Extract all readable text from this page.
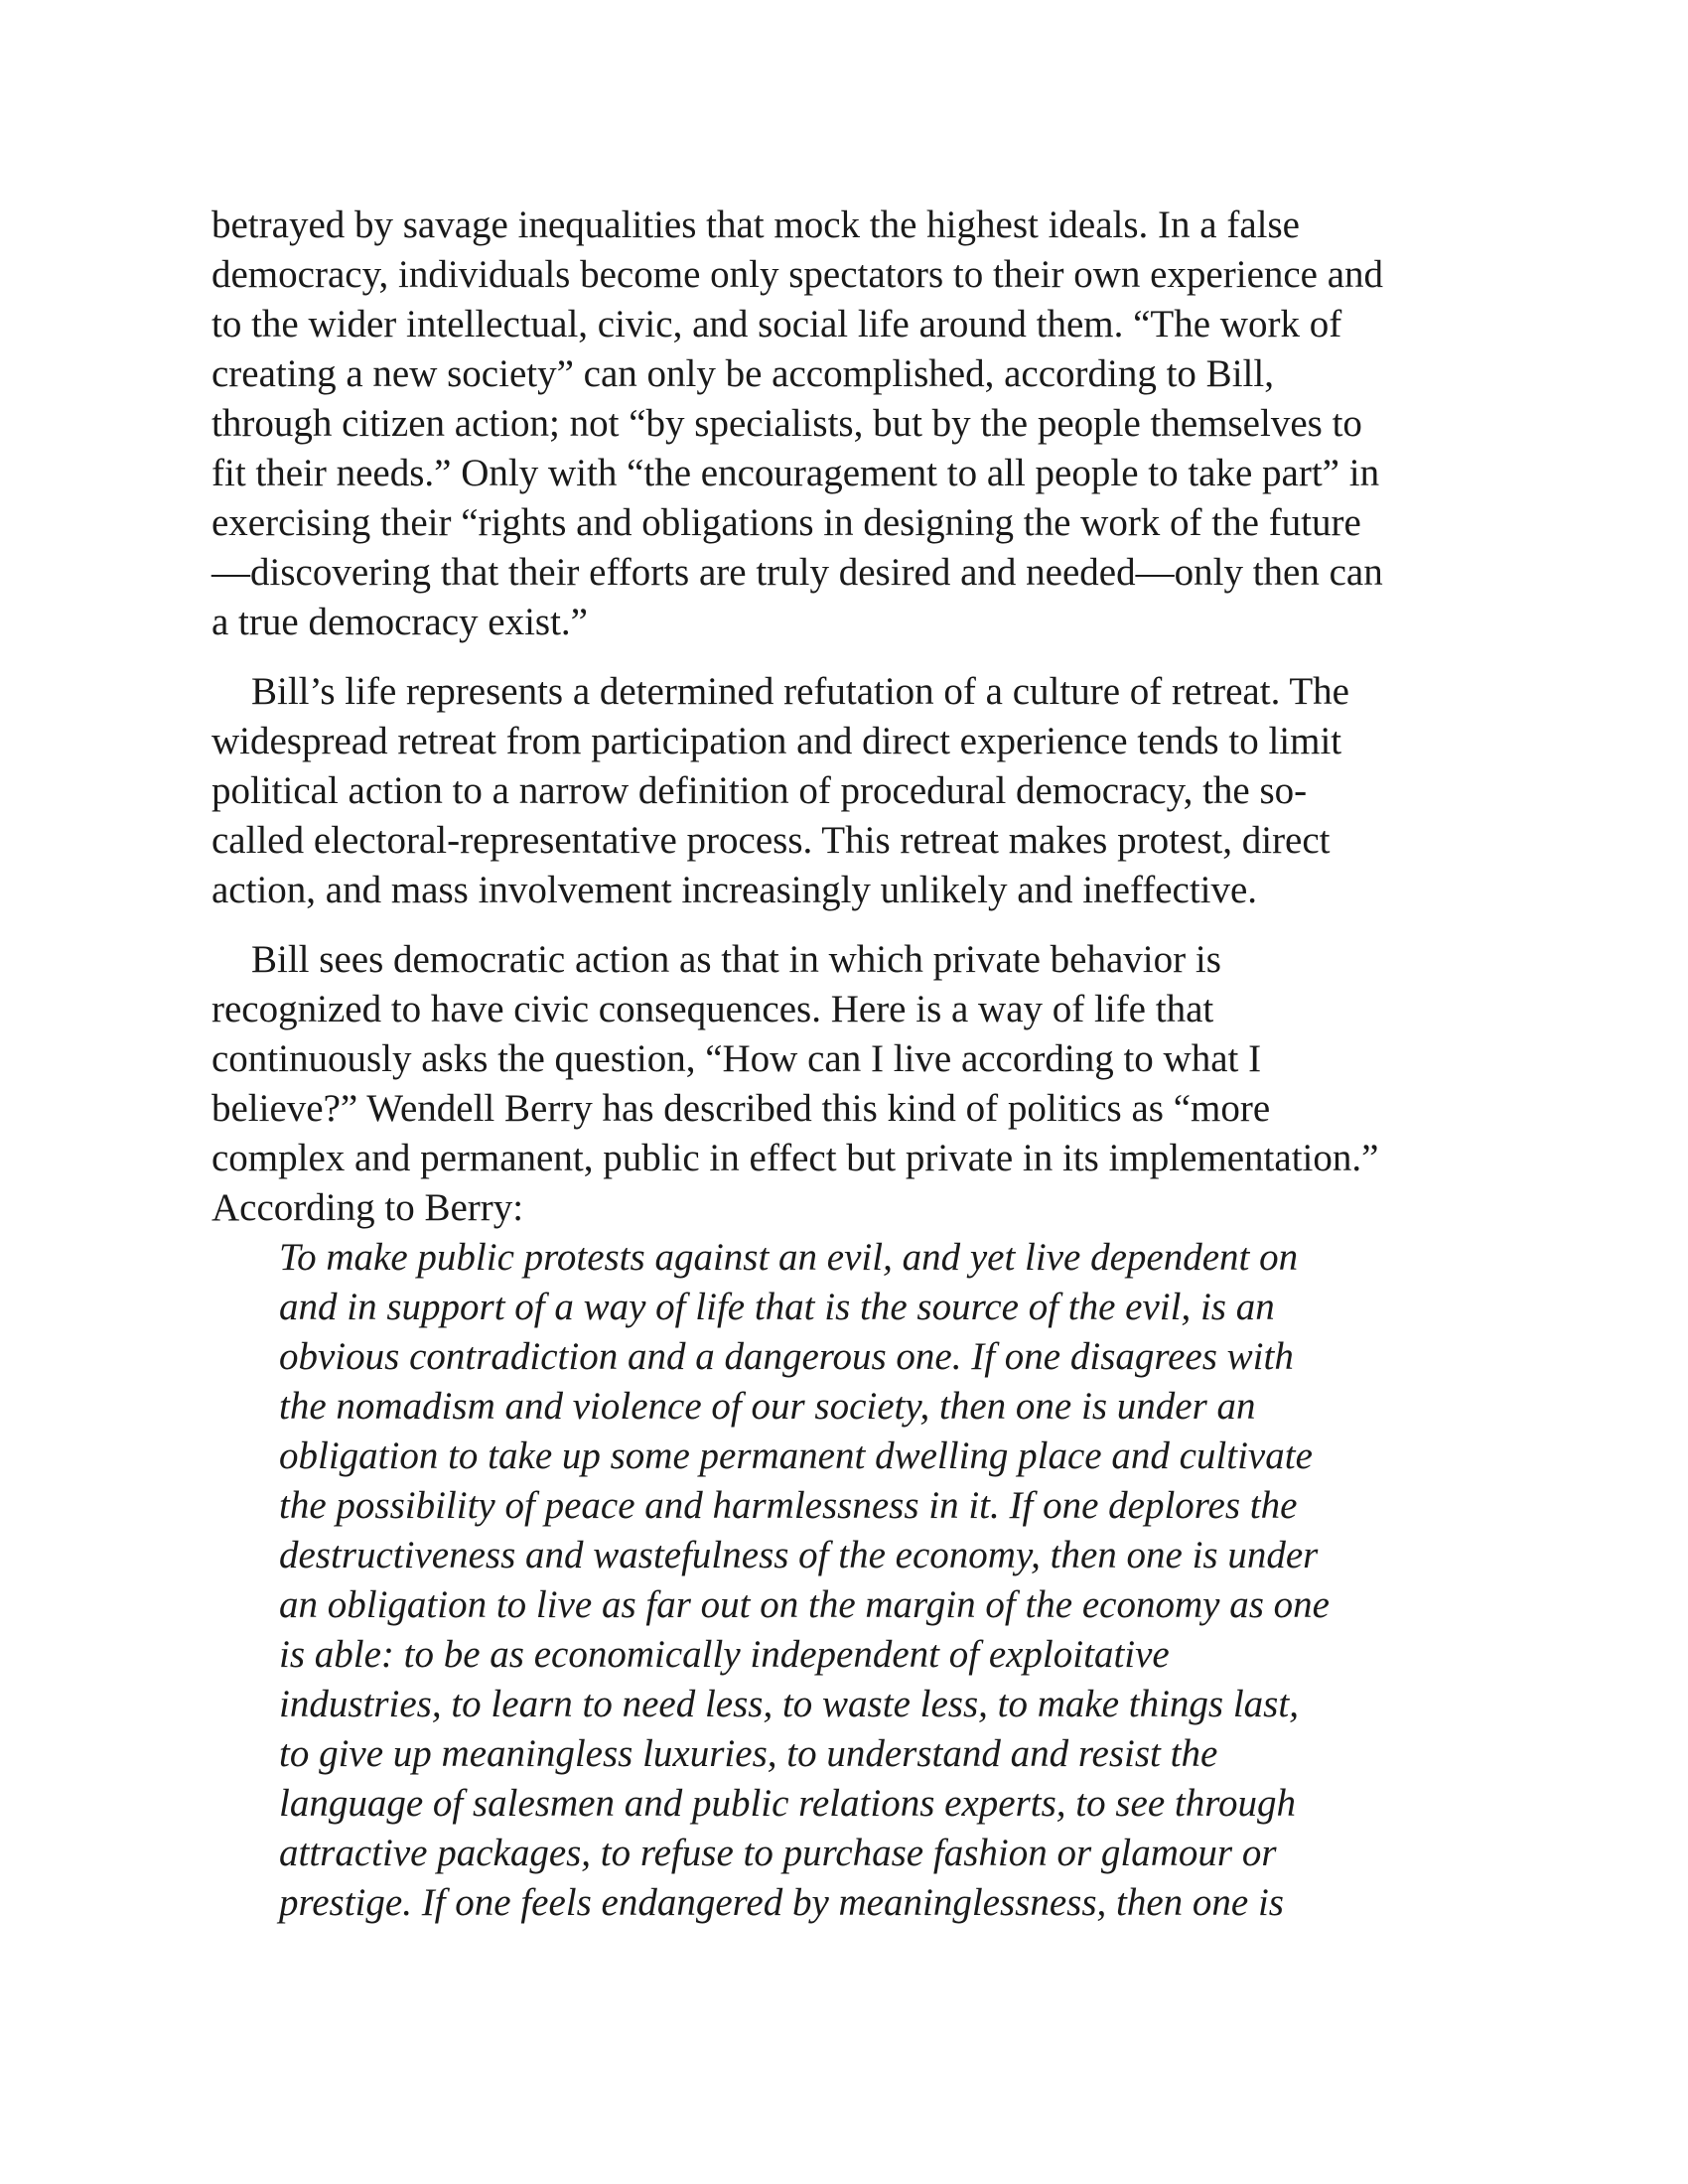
betrayed by savage inequalities that mock the highest ideals. In a false
democracy, individuals become only spectators to their own experience and
to the wider intellectual, civic, and social life around them. “The work of
creating a new society” can only be accomplished, according to Bill,
through citizen action; not “by specialists, but by the people themselves to
fit their needs.” Only with “the encouragement to all people to take part” in
exercising their “rights and obligations in designing the work of the future
—discovering that their efforts are truly desired and needed—only then can
a true democracy exist.”

Bill’s life represents a determined refutation of a culture of retreat. The
widespread retreat from participation and direct experience tends to limit
political action to a narrow definition of procedural democracy, the so-
called electoral-representative process. This retreat makes protest, direct
action, and mass involvement increasingly unlikely and ineffective.

Bill sees democratic action as that in which private behavior is
recognized to have civic consequences. Here is a way of life that
continuously asks the question, “How can I live according to what I
believe?” Wendell Berry has described this kind of politics as “more
complex and permanent, public in effect but private in its implementation.”
According to Berry:

To make public protests against an evil, and yet live dependent on
and in support of a way of life that is the source of the evil, is an
obvious contradiction and a dangerous one. If one disagrees with
the nomadism and violence of our society, then one is under an
obligation to take up some permanent dwelling place and cultivate
the possibility of peace and harmlessness in it. If one deplores the
destructiveness and wastefulness of the economy, then one is under
an obligation to live as far out on the margin of the economy as one
is able: to be as economically independent of exploitative
industries, to learn to need less, to waste less, to make things last,
to give up meaningless luxuries, to understand and resist the
language of salesmen and public relations experts, to see through
attractive packages, to refuse to purchase fashion or glamour or
prestige. If one feels endangered by meaninglessness, then one is
